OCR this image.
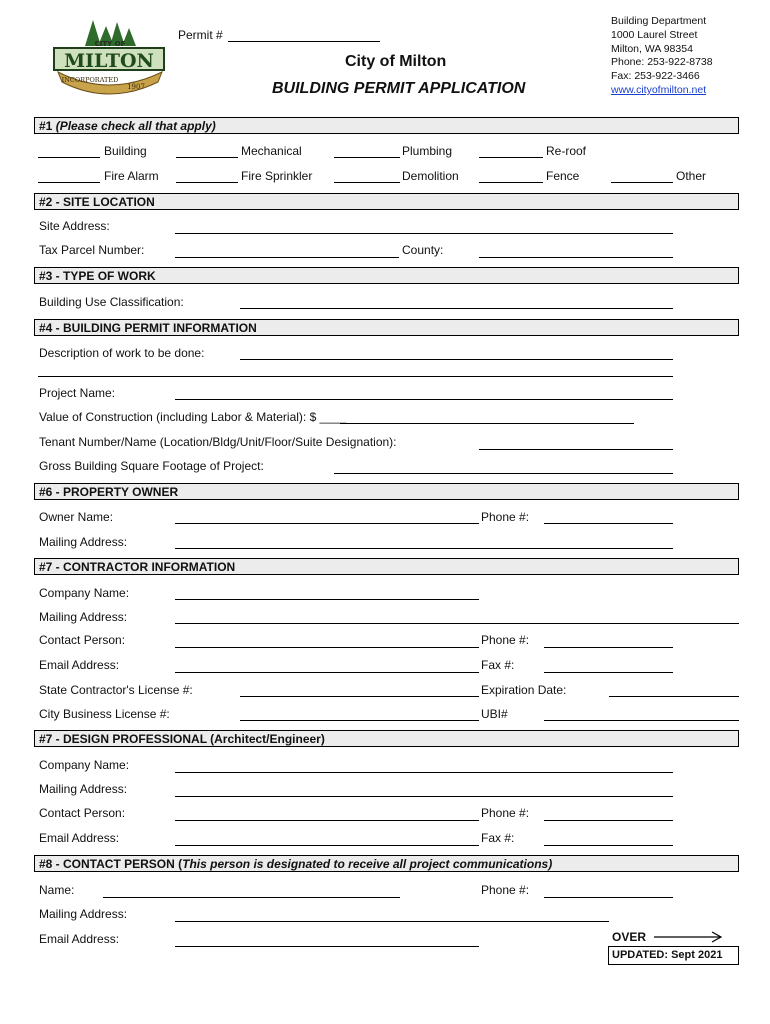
CITY OF
MILTON
INCORPORATED
1907
Permit #
City of Milton
BUILDING PERMIT APPLICATION
Building Department
1000 Laurel Street
Milton, WA 98354
Phone: 253-922-8738
Fax: 253-922-3466
www.cityofmilton.net
#1 (Please check all that apply)
Building	Mechanical	Plumbing	Re-roof
Fire Alarm	Fire Sprinkler	Demolition	Fence	Other
#2 - SITE LOCATION
Site Address:
Tax Parcel Number:	County:
#3 - TYPE OF WORK
Building Use Classification:
#4 - BUILDING PERMIT INFORMATION
Description of work to be done:
Project Name:
Value of Construction (including Labor & Material): $ ____
Tenant Number/Name (Location/Bldg/Unit/Floor/Suite Designation):
Gross Building Square Footage of Project:
#6 - PROPERTY OWNER
Owner Name:	Phone #:
Mailing Address:
#7 - CONTRACTOR INFORMATION
Company Name:
Mailing Address:
Contact Person:	Phone #:
Email Address:	Fax #:
State Contractor's License #:	Expiration Date:
City Business License #:	UBI#
#7 - DESIGN PROFESSIONAL (Architect/Engineer)
Company Name:
Mailing Address:
Contact Person:	Phone #:
Email Address:	Fax #:
#8 - CONTACT PERSON (This person is designated to receive all project communications)
Name:	Phone #:
Mailing Address:
Email Address:	OVER
UPDATED: Sept 2021
